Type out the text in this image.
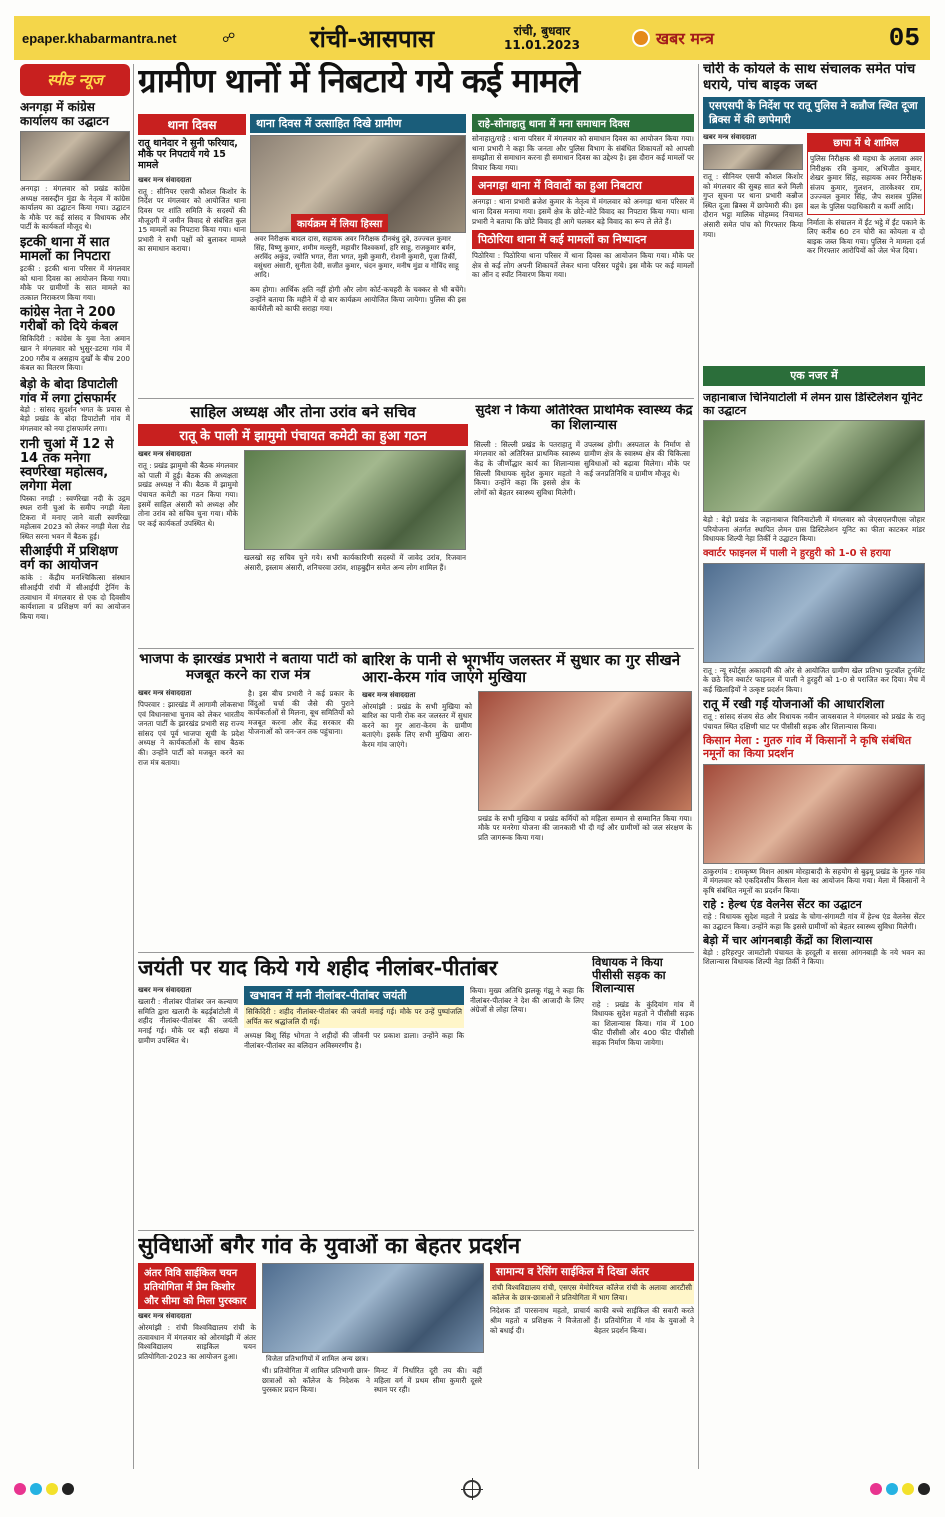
epaper.khabarmantra.net	☍	रांची-आसपास	रांची, बुधवार
11.01.2023	खबर मन्त्र	05
स्पीड न्यूज
अनगड़ा में कांग्रेस कार्यालय का उद्घाटन
अनगड़ा : मंगलवार को प्रखंड कांग्रेस अध्यक्ष नसरुद्दीन मुंडा के नेतृत्व में कांग्रेस कार्यालय का उद्घाटन किया गया। उद्घाटन के मौके पर कई सांसद व विधायक और पार्टी के कार्यकर्ता मौजूद थे।
इटकी थाना में सात मामलों का निपटारा
इटकी : इटकी थाना परिसर में मंगलवार को थाना दिवस का आयोजन किया गया। मौके पर ग्रामीणों के सात मामले का तत्काल निराकरण किया गया।
कांग्रेस नेता ने 200 गरीबों को दिये कंबल
सिकिदिरी : कांग्रेस के युवा नेता अमान खान ने मंगलवार को भुसुर-डटमा गांव में 200 गरीब व असहाय दुर्खों के बीच 200 कंबल का वितरण किया।
बेड़ो के बोदा डिपाटोली गांव में लगा ट्रांसफार्मर
बेड़ो : सांसद सुदर्शन भगत के प्रयास से बेड़ो प्रखंड के बोदा डिपाटोली गांव में मंगलवार को नया ट्रांसफार्मर लगा।
रानी चुआं में 12 से 14 तक मनेगा स्वर्णरेखा महोत्सव, लगेगा मेला
पिस्का नगड़ी : स्वर्णरेखा नदी के उद्गम स्थल रानी चुआं के समीप नगड़ी मेला टिकरा में मनाए जाने वाली स्वर्णरेखा महोत्सव 2023 को लेकर नगड़ी मेला रोड स्थित सरना भवन में बैठक हुई।
सीआईपी में प्रशिक्षण वर्ग का आयोजन
कांके : केंद्रीय मनश्चिकित्सा संस्थान सीआईपी रांची में सीआईपी ट्रेनिंग के तत्वाधान में मंगलवार से एक दो दिवसीय कार्यशाला व प्रशिक्षण वर्ग का आयोजन किया गया।
ग्रामीण थानों में निबटाये गये कई मामले
थाना दिवस
रातू थानेदार ने सुनी फरियाद, मौके पर निपटाये गये 15 मामले
खबर मन्त्र संवाददाता
रातू : सीनियर एसपी कौशल किशोर के निर्देश पर मंगलवार को आयोजित थाना दिवस पर शांति समिति के सदस्यों की मौजूदगी में जमीन विवाद से संबंधित कुल 15 मामलों का निपटारा किया गया। थाना प्रभारी ने सभी पक्षों को बुलाकर मामले का समाधान कराया।
थाना दिवस में उत्साहित दिखे ग्रामीण
कार्यक्रम में लिया हिस्सा
अवर निरीक्षक बादल दास, सहायक अवर निरीक्षक दीनबंधु दुबे, उज्ज्वल कुमार सिंह, विष्णु कुमार, शमीम मल्लुरी, महावीर विश्वकर्मा, हरि साहू, राजकुमार बर्मन, अरविंद अकुंड, ज्योति भगत, रीता भगत, मुन्नी कुमारी, रोशनी कुमारी, पूजा तिर्की, वसुंधरा अंसारी, सुनीता देवी, सजीत कुमार, चंदन कुमार, मनीष मुंडा व गोविंद साहू आदि।
कम होगा। आर्थिक क्षति नहीं होगी और लोग कोर्ट-कचहरी के चक्कर से भी बचेंगे। उन्होंने बताया कि महीने में दो बार कार्यक्रम आयोजित किया जायेगा। पुलिस की इस कार्यशैली को काफी सराहा गया।
राहे-सोनाहातु थाना में मना समाधान दिवस
सोनाहातु/राहे : थाना परिसर में मंगलवार को समाधान दिवस का आयोजन किया गया। थाना प्रभारी ने कहा कि जनता और पुलिस विभाग के संबंधित शिकायतों को आपसी समझौता से समाधान करना ही समाधान दिवस का उद्देश्य है। इस दौरान कई मामलों पर विचार किया गया।
अनगड़ा थाना में विवादों का हुआ निबटारा
अनगड़ा : थाना प्रभारी ब्रजेश कुमार के नेतृत्व में मंगलवार को अनगड़ा थाना परिसर में थाना दिवस मनाया गया। इसमें क्षेत्र के छोटे-मोटे विवाद का निपटारा किया गया। थाना प्रभारी ने बताया कि छोटे विवाद ही आगे चलकर बड़े विवाद का रूप ले लेते हैं।
पिठोरिया थाना में कई मामलों का निष्पादन
पिठोरिया : पिठोरिया थाना परिसर में थाना दिवस का आयोजन किया गया। मौके पर क्षेत्र से कई लोग अपनी शिकायतें लेकर थाना परिसर पहुंचे। इस मौके पर कई मामलों का ऑन द स्पॉट निवारण किया गया।
चोरी के कोयले के साथ संचालक समेत पांच धराये, पांच बाइक जब्त
एसएसपी के निर्देश पर रातू पुलिस ने कन्नौज स्थित दूजा ब्रिक्स में की छापेमारी
खबर मन्त्र संवाददाता
रातू : सीनियर एसपी कौशल किशोर को मंगलवार की सुबह सात बजे मिली गुप्त सूचना पर थाना प्रभारी कन्नौज स्थित दूजा ब्रिक्स में छापेमारी की। इस दौरान भट्ठा मालिक मोहम्मद नियामत अंसारी समेत पांच को गिरफ्तार किया गया।
छापा में थे शामिल
पुलिस निरीक्षक श्री महथा के अलावा अवर निरीक्षक रवि कुमार, अभिजीत कुमार, शेखर कुमार सिंह, सहायक अवर निरीक्षक संजय कुमार, गुलशन, तारकेश्वर राम, उज्ज्वल कुमार सिंह, जैप सशस्त्र पुलिस बल के पुलिस पदाधिकारी व कर्मी आदि।
निर्माता के संचालन में ईंट भट्ठे में ईंट पकाने के लिए करीब 60 टन चोरी का कोयला व दो बाइक जब्त किया गया। पुलिस ने मामला दर्ज कर गिरफ्तार आरोपियों को जेल भेज दिया।
एक नजर में
जहानाबाज चिनियाटोली में लेमन ग्रास डिस्टिलेशन यूनिट का उद्घाटन
बेड़ो : बेड़ो प्रखंड के जहानाबाज चिनियाटोली में मंगलवार को जेएसएलपीएस जोहार परियोजना अंतर्गत स्थापित लेमन ग्रास डिस्टिलेशन यूनिट का फीता काटकर मांडर विधायक शिल्पी नेहा तिर्की ने उद्घाटन किया।
क्वार्टर फाइनल में पाली ने हुरहुरी को 1-0 से हराया
रातू : न्यू स्पोर्ट्स अकादमी की ओर से आयोजित ग्रामीण खेल प्रतिभा फुटबॉल टूर्नामेंट के छठे दिन क्वार्टर फाइनल में पाली ने हुरहुरी को 1-0 से पराजित कर दिया। मैच में कई खिलाड़ियों ने उत्कृष्ट प्रदर्शन किया।
रातू में रखी गई योजनाओं की आधारशिला
रातू : सांसद संजय सेठ और विधायक नवीन जायसवाल ने मंगलवार को प्रखंड के रातू पंचायत स्थित दक्षिणी घाट पर पीसीसी सड़क और शिलान्यास किया।
किसान मेला : गुतरु गांव में किसानों ने कृषि संबंधित नमूनों का किया प्रदर्शन
ठाकुरगांव : रामकृष्ण मिशन आश्रम मोरहाबादी के सहयोग से बुढ़मू प्रखंड के गुतरु गांव में मंगलवार को एकदिवसीय किसान मेला का आयोजन किया गया। मेला में किसानों ने कृषि संबंधित नमूनों का प्रदर्शन किया।
राहे : हेल्थ एंड वेलनेस सेंटर का उद्घाटन
राहे : विधायक सुदेश महतो ने प्रखंड के चोगा-संगामटी गांव में हेल्थ एंड वेलनेस सेंटर का उद्घाटन किया। उन्होंने कहा कि इससे ग्रामीणों को बेहतर स्वास्थ्य सुविधा मिलेगी।
बेड़ो में चार आंगनबाड़ी केंद्रों का शिलान्यास
बेड़ो : हरिहरपुर जामटोली पंचायत के हरदूली व सरसा आंगनबाड़ी के नये भवन का शिलान्यास विधायक शिल्पी नेहा तिर्की ने किया।
साहिल अध्यक्ष और तोना उरांव बने सचिव
रातू के पाली में झामुमो पंचायत कमेटी का हुआ गठन
खबर मन्त्र संवाददाता
रातू : प्रखंड झामुमो की बैठक मंगलवार को पाली में हुई। बैठक की अध्यक्षता प्रखंड अध्यक्ष ने की। बैठक में झामुमो पंचायत कमेटी का गठन किया गया। इसमें साहिल अंसारी को अध्यक्ष और तोना उरांव को सचिव चुना गया। मौके पर कई कार्यकर्ता उपस्थित थे।
खलखो सह सचिव चुने गये। सभी कार्यकारिणी सदस्यों में जावेद उरांव, रिजवान अंसारी, इस्लाम अंसारी, शनिचरवा उरांव, शाहबुद्दीन समेत अन्य लोग शामिल हैं।
सुदेश ने किया अतिरिक्त प्राथमिक स्वास्थ्य केंद्र का शिलान्यास
सिल्ली : सिल्ली प्रखंड के पतराहातु में मंगलवार को अतिरिक्त प्राथमिक स्वास्थ्य केंद्र के जीर्णोद्धार कार्य का शिलान्यास सिल्ली विधायक सुदेश कुमार महतो ने किया। उन्होंने कहा कि इससे क्षेत्र के लोगों को बेहतर स्वास्थ्य सुविधा मिलेगी।
उपलब्ध होगी। अस्पताल के निर्माण से ग्रामीण क्षेत्र के स्वास्थ्य क्षेत्र की चिकित्सा सुविधाओं को बढ़ावा मिलेगा। मौके पर कई जनप्रतिनिधि व ग्रामीण मौजूद थे।
भाजपा के झारखंड प्रभारी ने बताया पार्टी को मजबूत करने का राज मंत्र
खबर मन्त्र संवाददाता
पिपरवार : झारखंड में आगामी लोकसभा एवं विधानसभा चुनाव को लेकर भारतीय जनता पार्टी के झारखंड प्रभारी सह राज्य सांसद एवं पूर्व भाजपा सूची के प्रदेश अध्यक्ष ने कार्यकर्ताओं के साथ बैठक की। उन्होंने पार्टी को मजबूत करने का राज मंत्र बताया।
है। इस बीच प्रभारी ने कई प्रकार के विंदुओं चर्चा की जैसे की पुराने कार्यकर्ताओं से मिलना, बूथ समितियों को मजबूत करना और केंद्र सरकार की योजनाओं को जन-जन तक पहुंचाना।
बारिश के पानी से भूगर्भीय जलस्तर में सुधार का गुर सीखने आरा-केरम गांव जाएंगे मुखिया
खबर मन्त्र संवाददाता
ओरमांझी : प्रखंड के सभी मुखिया को बारिश का पानी रोक कर जलस्तर में सुधार करने का गुर आरा-केरम के ग्रामीण बताएंगे। इसके लिए सभी मुखिया आरा-केरम गांव जाएंगे।
प्रखंड के सभी मुखिया व प्रखंड कर्मियों को महिला सम्मान से सम्मानित किया गया। मौके पर मनरेगा योजना की जानकारी भी दी गई और ग्रामीणों को जल संरक्षण के प्रति जागरूक किया गया।
जयंती पर याद किये गये शहीद नीलांबर-पीतांबर
खबर मन्त्र संवाददाता
खलारी : नीलांबर पीतांबर जन कल्याण समिति द्वारा खलारी के बढ़ईबांटोली में शहीद नीलांबर-पीतांबर की जयंती मनाई गई। मौके पर बड़ी संख्या में ग्रामीण उपस्थित थे।
खभावन में मनी नीलांबर-पीतांबर जयंती
सिकिदिरी : शहीद नीलांबर-पीतांबर की जयंती मनाई गई। मौके पर उन्हें पुष्पांजलि अर्पित कर श्रद्धांजलि दी गई।
अध्यक्ष बिशू सिंह भोगता ने शहीदों की जीवनी पर प्रकाश डाला। उन्होंने कहा कि नीलांबर-पीतांबर का बलिदान अविस्मरणीय है।
किया। मुख्य अतिथि झलकू गंझू ने कहा कि नीलांबर-पीतांबर ने देश की आजादी के लिए अंग्रेजों से लोहा लिया।
विधायक ने किया पीसीसी सड़क का शिलान्यास
राहे : प्रखंड के कुंदियांग गांव में विधायक सुदेश महतो ने पीसीसी सड़क का शिलान्यास किया। गांव में 100 फीट पीसीसी और 400 फीट पीसीसी सड़क निर्माण किया जायेगा।
सुविधाओं बगैर गांव के युवाओं का बेहतर प्रदर्शन
अंतर विवि साईकिल चयन प्रतियोगिता में प्रेम किशोर और सीमा को मिला पुरस्कार
खबर मन्त्र संवाददाता
ओरमांझी : रांची विश्वविद्यालय रांची के तत्वावधान में मंगलवार को ओरमांझी में अंतर विश्वविद्यालय साइकिल चयन प्रतियोगिता-2023 का आयोजन हुआ।	विजेता प्रतिभागियों में शामिल अन्य छात्र।
थी। प्रतियोगिता में शामिल प्रतिभागी छात्र-छात्राओं को कॉलेज के निदेशक ने पुरस्कार प्रदान किया।
मिनट में निर्धारित दूरी तय की। वहीं महिला वर्ग में प्रथम सीमा कुमारी दूसरे स्थान पर रही।
सामान्य व रेसिंग साईकिल में दिखा अंतर
रांची विश्वविद्यालय रांची, एसएस मेमोरियल कॉलेज रांची के अलावा आरटीसी कॉलेज के छात्र-छात्राओं ने प्रतियोगिता में भाग लिया।
निदेशक डॉ पारसनाथ महतो, प्राचार्य श्रीम महतो व प्रशिक्षक ने विजेताओं को बधाई दी।
काफी बच्चे साईकिल की सवारी करते हैं। प्रतियोगिता में गांव के युवाओं ने बेहतर प्रदर्शन किया।
